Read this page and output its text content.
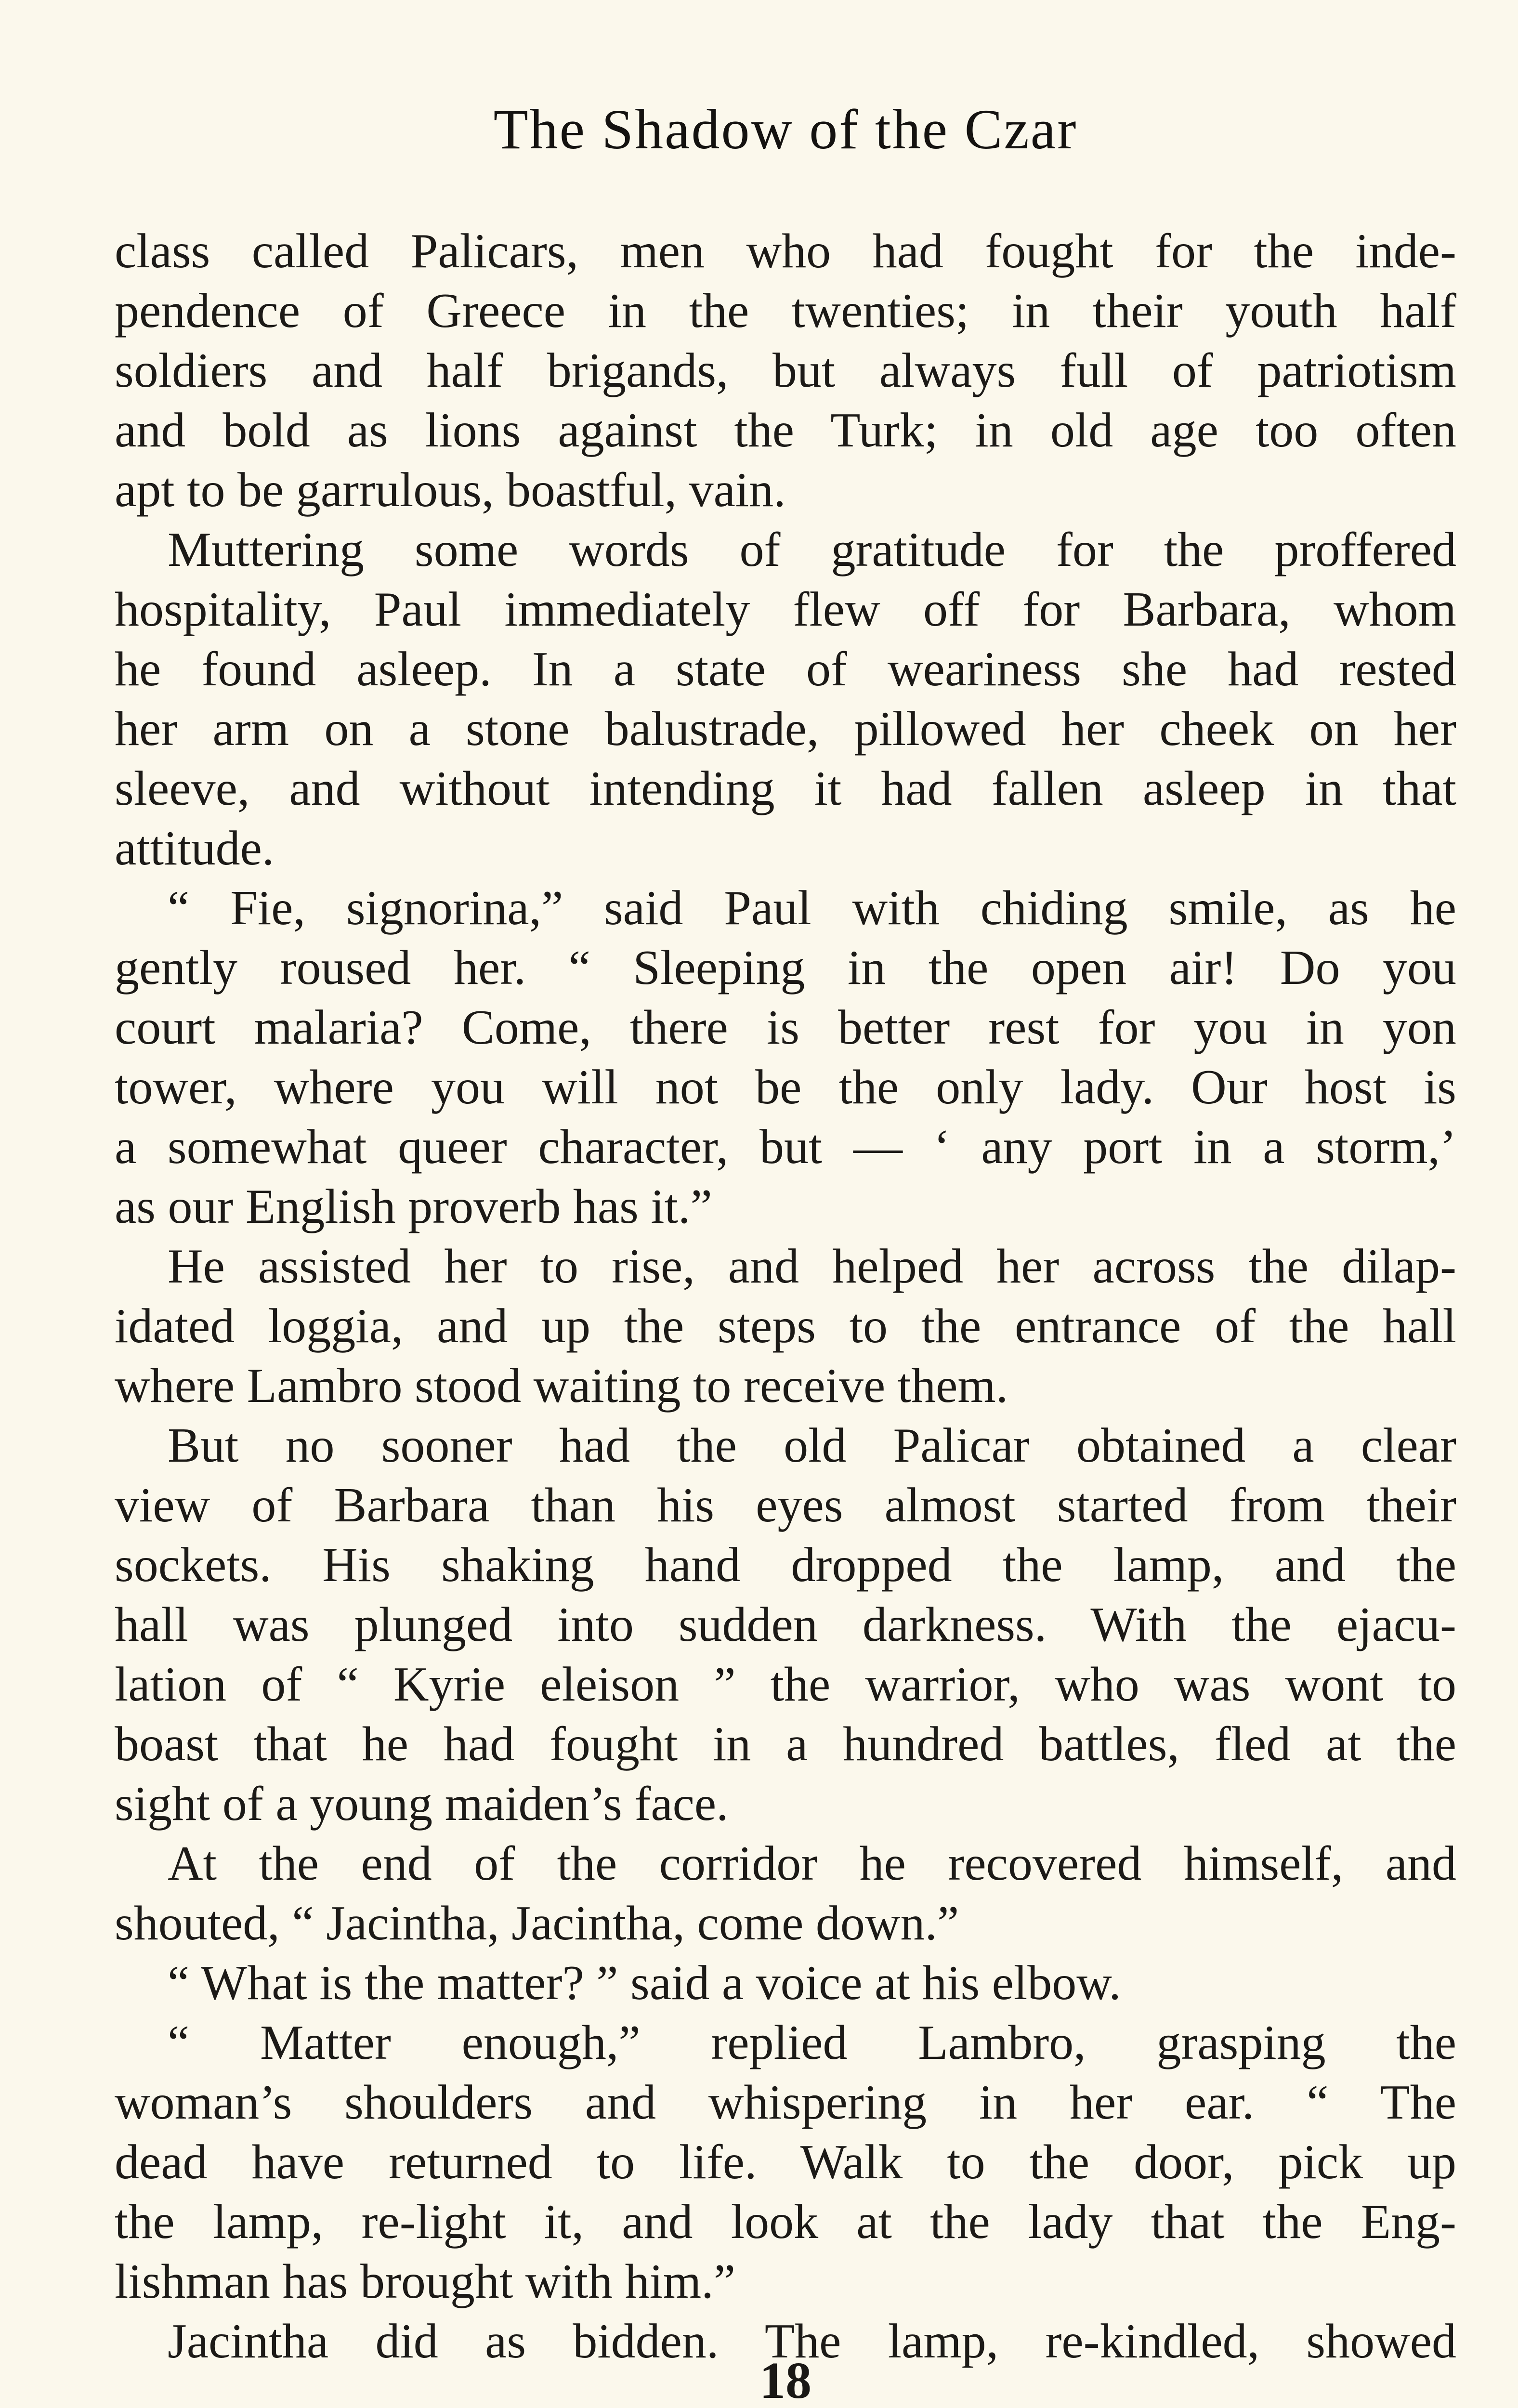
The Shadow of the Czar
class called Palicars, men who had fought for the inde-
pendence of Greece in the twenties; in their youth half
soldiers and half brigands, but always full of patriotism
and bold as lions against the Turk; in old age too often
apt to be garrulous, boastful, vain.
Muttering some words of gratitude for the proffered
hospitality, Paul immediately flew off for Barbara, whom
he found asleep. In a state of weariness she had rested
her arm on a stone balustrade, pillowed her cheek on her
sleeve, and without intending it had fallen asleep in that
attitude.
“ Fie, signorina,” said Paul with chiding smile, as he
gently roused her. “ Sleeping in the open air! Do you
court malaria? Come, there is better rest for you in yon
tower, where you will not be the only lady. Our host is
a somewhat queer character, but — ‘ any port in a storm,’
as our English proverb has it.”
He assisted her to rise, and helped her across the dilap-
idated loggia, and up the steps to the entrance of the hall
where Lambro stood waiting to receive them.
But no sooner had the old Palicar obtained a clear
view of Barbara than his eyes almost started from their
sockets. His shaking hand dropped the lamp, and the
hall was plunged into sudden darkness. With the ejacu-
lation of “ Kyrie eleison ” the warrior, who was wont to
boast that he had fought in a hundred battles, fled at the
sight of a young maiden’s face.
At the end of the corridor he recovered himself, and
shouted, “ Jacintha, Jacintha, come down.”
“ What is the matter? ” said a voice at his elbow.
“ Matter enough,” replied Lambro, grasping the
woman’s shoulders and whispering in her ear. “ The
dead have returned to life. Walk to the door, pick up
the lamp, re-light it, and look at the lady that the Eng-
lishman has brought with him.”
Jacintha did as bidden. The lamp, re-kindled, showed
18
